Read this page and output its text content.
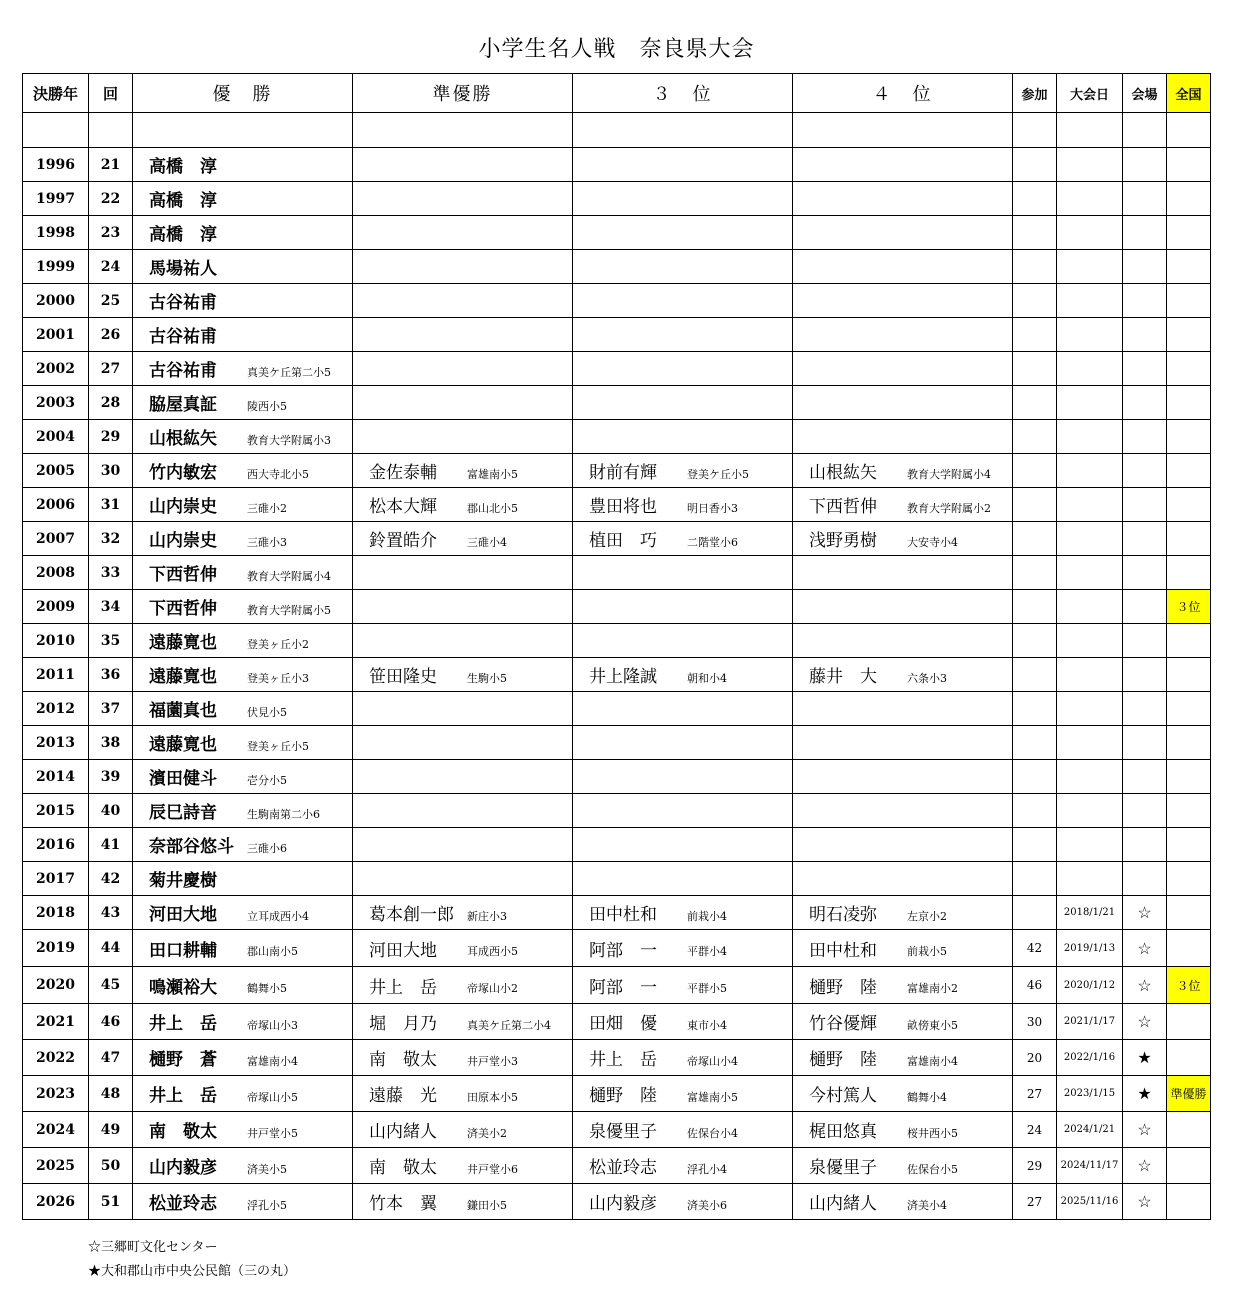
小学生名人戦　奈良県大会
決勝年	回	優　勝	準優勝	３　位	４　位	参加	大会日	会場	全国

1996	21	高橋　淳							
1997	22	高橋　淳							
1998	23	高橋　淳							
1999	24	馬場祐人							
2000	25	古谷祐甫							
2001	26	古谷祐甫							
2002	27	古谷祐甫 真美ケ丘第二小5							
2003	28	脇屋真証 陵西小5							
2004	29	山根紘矢 教育大学附属小3							
2005	30	竹内敏宏 西大寺北小5	金佐泰輔 富雄南小5	財前有輝 登美ケ丘小5	山根紘矢 教育大学附属小4				
2006	31	山内崇史 三碓小2	松本大輝 郡山北小5	豊田将也 明日香小3	下西哲伸 教育大学附属小2				
2007	32	山内崇史 三碓小3	鈴置皓介 三碓小4	植田　巧 二階堂小6	浅野勇樹 大安寺小4				
2008	33	下西哲伸 教育大学附属小4							
2009	34	下西哲伸 教育大学附属小5							３位
2010	35	遠藤寛也 登美ヶ丘小2							
2011	36	遠藤寛也 登美ヶ丘小3	笹田隆史 生駒小5	井上隆誠 朝和小4	藤井　大 六条小3				
2012	37	福薗真也 伏見小5							
2013	38	遠藤寛也 登美ヶ丘小5							
2014	39	濱田健斗 壱分小5							
2015	40	辰巳詩音 生駒南第二小6							
2016	41	奈部谷悠斗 三碓小6							
2017	42	菊井慶樹							
2018	43	河田大地 立耳成西小4	葛本創一郎 新庄小3	田中杜和 前栽小4	明石凌弥 左京小2		2018/1/21	☆	
2019	44	田口耕輔 郡山南小5	河田大地 耳成西小5	阿部　一 平群小4	田中杜和 前栽小5	42	2019/1/13	☆	
2020	45	鳴瀬裕大 鶴舞小5	井上　岳 帝塚山小2	阿部　一 平群小5	樋野　陸 富雄南小2	46	2020/1/12	☆	３位
2021	46	井上　岳 帝塚山小3	堀　月乃 真美ケ丘第二小4	田畑　優 東市小4	竹谷優輝 畝傍東小5	30	2021/1/17	☆	
2022	47	樋野　蒼 富雄南小4	南　敬太 井戸堂小3	井上　岳 帝塚山小4	樋野　陸 富雄南小4	20	2022/1/16	★	
2023	48	井上　岳 帝塚山小5	遠藤　光 田原本小5	樋野　陸 富雄南小5	今村篤人 鶴舞小4	27	2023/1/15	★	準優勝
2024	49	南　敬太 井戸堂小5	山内緒人 済美小2	泉優里子 佐保台小4	梶田悠真 桜井西小5	24	2024/1/21	☆	
2025	50	山内毅彦 済美小5	南　敬太 井戸堂小6	松並玲志 浮孔小4	泉優里子 佐保台小5	29	2024/11/17	☆	
2026	51	松並玲志 浮孔小5	竹本　翼 鎌田小5	山内毅彦 済美小6	山内緒人 済美小4	27	2025/11/16	☆	
☆三郷町文化センター
★大和郡山市中央公民館（三の丸）
